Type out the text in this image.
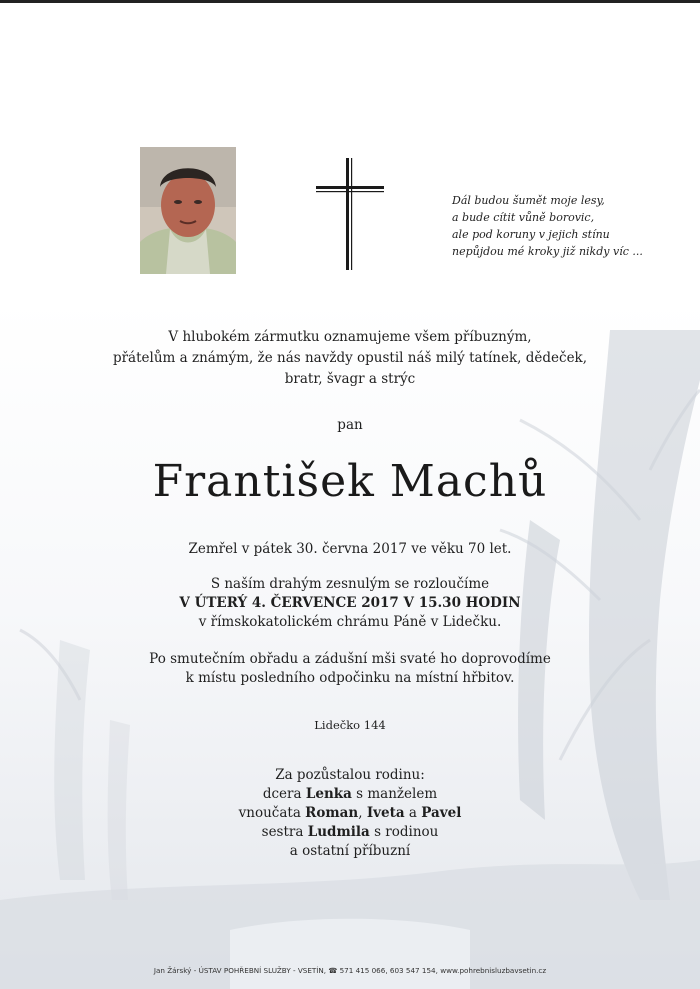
Dál budou šumět moje lesy,
a bude cítit vůně borovic,
ale pod koruny v jejich stínu
nepůjdou mé kroky již nikdy víc ...
V hlubokém zármutku oznamujeme všem příbuzným,
přátelům a známým, že nás navždy opustil náš milý tatínek, dědeček,
bratr, švagr a strýc
pan
František Machů
Zemřel v pátek 30. června 2017 ve věku 70 let.
S naším drahým zesnulým se rozloučíme
V ÚTERÝ 4. ČERVENCE 2017 V 15.30 HODIN
v římskokatolickém chrámu Páně v Lidečku.
Po smutečním obřadu a zádušní mši svaté ho doprovodíme
k místu posledního odpočinku na místní hřbitov.
Lidečko 144
Za pozůstalou rodinu:
dcera Lenka s manželem
vnoučata Roman, Iveta a Pavel
sestra Ludmila s rodinou
a ostatní příbuzní
Jan Žárský - ÚSTAV POHŘEBNÍ SLUŽBY - VSETÍN, ☎ 571 415 066, 603 547 154, www.pohrebnisluzbavsetin.cz
